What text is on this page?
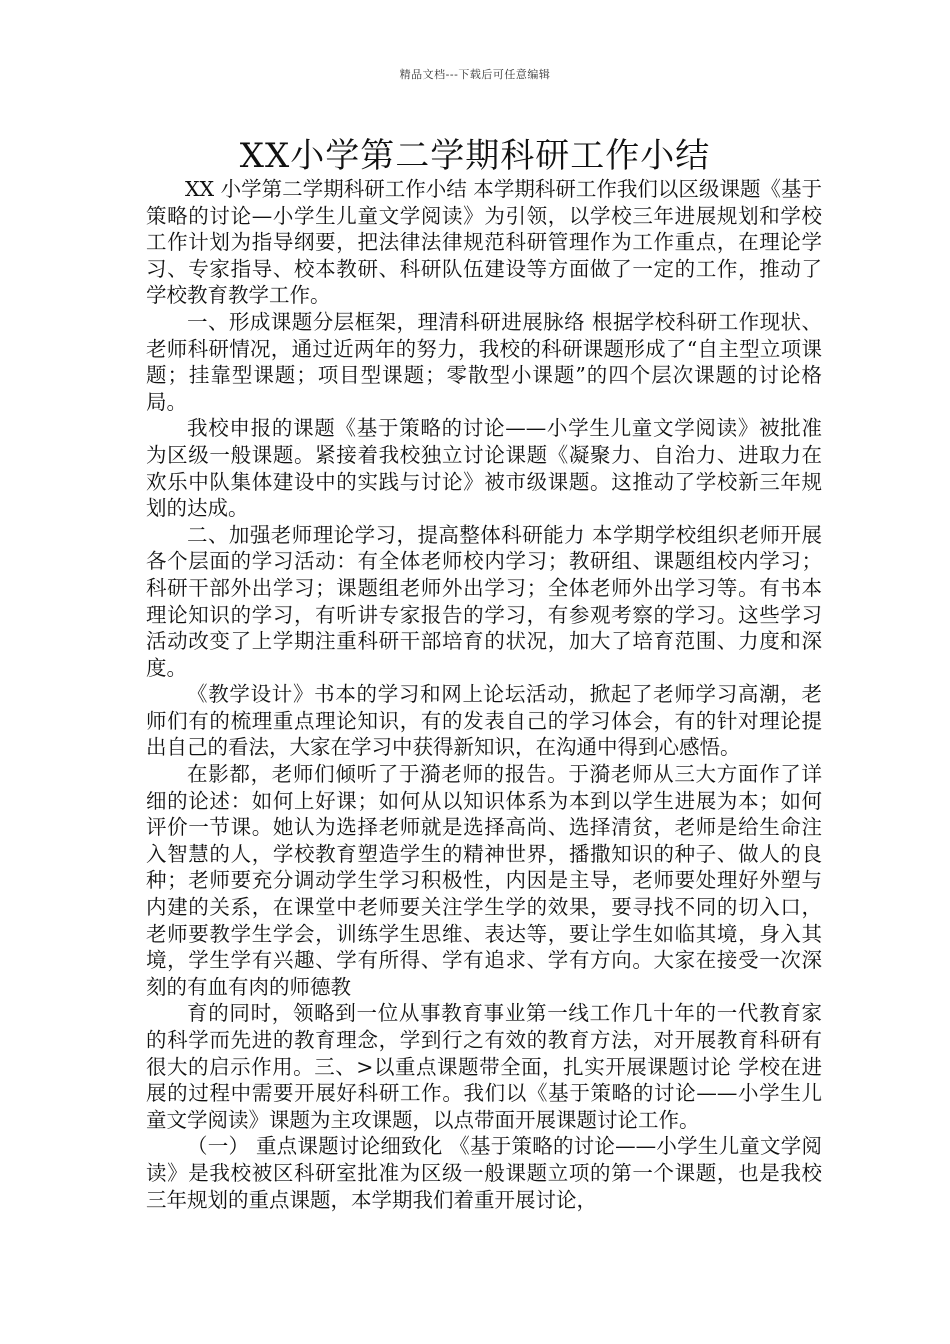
精品文档---下载后可任意编辑
XX小学第二学期科研工作小结

XX 小学第二学期科研工作小结 本学期科研工作我们以区级课题《基于策略的讨论—小学生儿童文学阅读》为引领，以学校三年进展规划和学校工作计划为指导纲要，把法律法律规范科研管理作为工作重点，在理论学习、专家指导、校本教研、科研队伍建设等方面做了一定的工作，推动了学校教育教学工作。

一、形成课题分层框架，理清科研进展脉络 根据学校科研工作现状、老师科研情况，通过近两年的努力，我校的科研课题形成了“自主型立项课题；挂靠型课题；项目型课题；零散型小课题”的四个层次课题的讨论格局。

我校申报的课题《基于策略的讨论——小学生儿童文学阅读》被批准为区级一般课题。紧接着我校独立讨论课题《凝聚力、自治力、进取力在欢乐中队集体建设中的实践与讨论》被市级课题。这推动了学校新三年规划的达成。

二、加强老师理论学习，提高整体科研能力 本学期学校组织老师开展各个层面的学习活动：有全体老师校内学习；教研组、课题组校内学习；科研干部外出学习；课题组老师外出学习；全体老师外出学习等。有书本理论知识的学习，有听讲专家报告的学习，有参观考察的学习。这些学习活动改变了上学期注重科研干部培育的状况，加大了培育范围、力度和深度。

《教学设计》书本的学习和网上论坛活动，掀起了老师学习高潮，老师们有的梳理重点理论知识，有的发表自己的学习体会，有的针对理论提出自己的看法，大家在学习中获得新知识，在沟通中得到心感悟。

在影都，老师们倾听了于漪老师的报告。于漪老师从三大方面作了详细的论述：如何上好课；如何从以知识体系为本到以学生进展为本；如何评价一节课。她认为选择老师就是选择高尚、选择清贫，老师是给生命注入智慧的人，学校教育塑造学生的精神世界，播撒知识的种子、做人的良种；老师要充分调动学生学习积极性，内因是主导，老师要处理好外塑与内建的关系，在课堂中老师要关注学生学的效果，要寻找不同的切入口，老师要教学生学会，训练学生思维、表达等，要让学生如临其境，身入其境，学生学有兴趣、学有所得、学有追求、学有方向。大家在接受一次深刻的有血有肉的师德教

育的同时，领略到一位从事教育事业第一线工作几十年的一代教育家的科学而先进的教育理念，学到行之有效的教育方法，对开展教育科研有很大的启示作用。三、>以重点课题带全面，扎实开展课题讨论 学校在进展的过程中需要开展好科研工作。我们以《基于策略的讨论——小学生儿童文学阅读》课题为主攻课题，以点带面开展课题讨论工作。

（一） 重点课题讨论细致化 《基于策略的讨论——小学生儿童文学阅读》是我校被区科研室批准为区级一般课题立项的第一个课题，也是我校三年规划的重点课题，本学期我们着重开展讨论，
